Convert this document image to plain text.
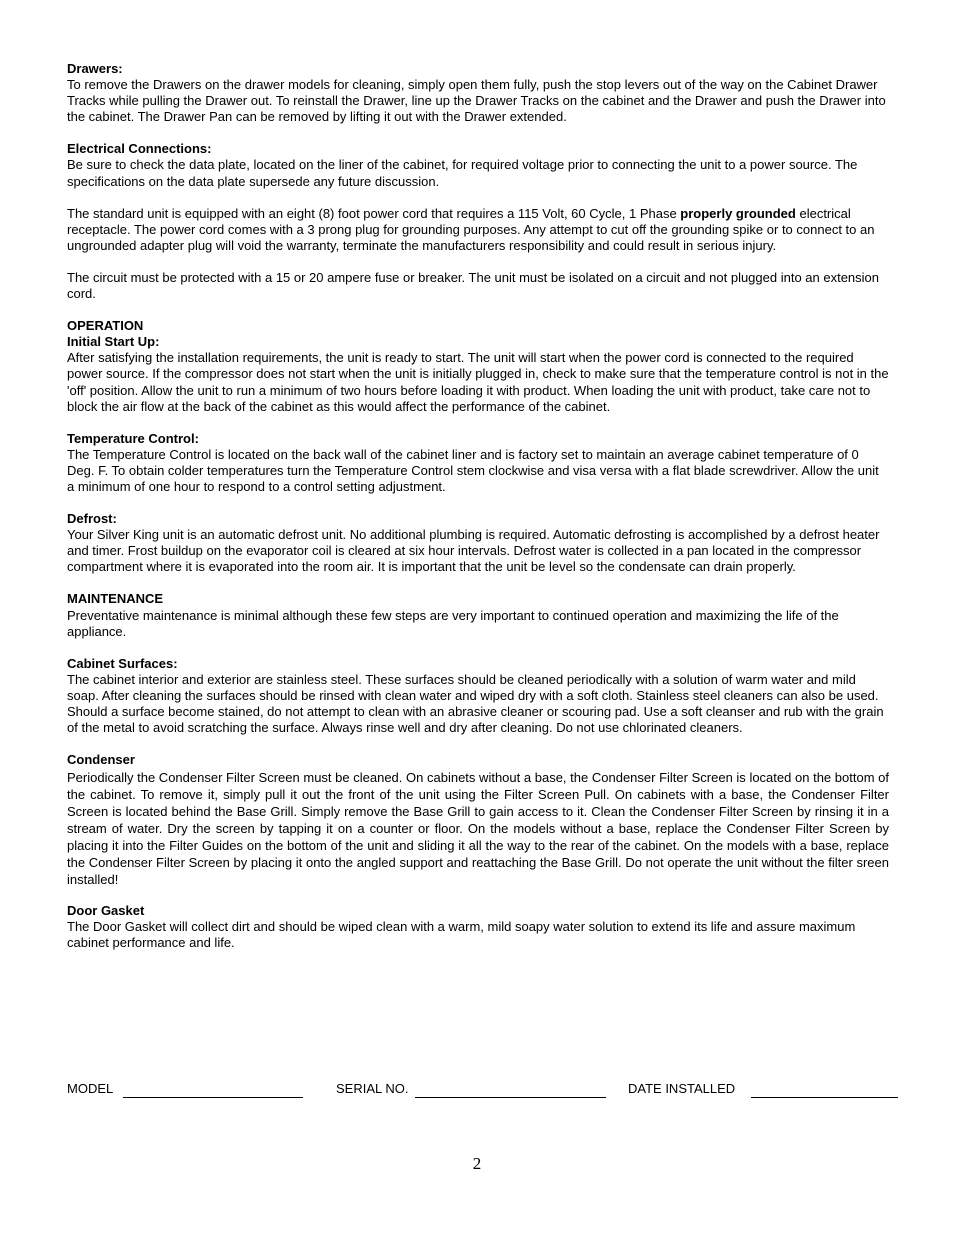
Drawers:
To remove the Drawers on the drawer models for cleaning, simply open them fully, push the stop levers out of the way on the Cabinet Drawer Tracks while pulling the Drawer out. To reinstall the Drawer, line up the Drawer Tracks on the cabinet and the Drawer and push the Drawer into the cabinet. The Drawer Pan can be removed by lifting it out with the Drawer extended.
Electrical Connections:
Be sure to check the data plate, located on the liner of the cabinet, for required voltage prior to connecting the unit to a power source. The specifications on the data plate supersede any future discussion.
The standard unit is equipped with an eight (8) foot power cord that requires a 115 Volt, 60 Cycle, 1 Phase properly grounded electrical receptacle. The power cord comes with a 3 prong plug for grounding purposes. Any attempt to cut off the grounding spike or to connect to an ungrounded adapter plug will void the warranty, terminate the manufacturers responsibility and could result in serious injury.
The circuit must be protected with a 15 or 20 ampere fuse or breaker. The unit must be isolated on a circuit and not plugged into an extension cord.
OPERATION
Initial Start Up:
After satisfying the installation requirements, the unit is ready to start. The unit will start when the power cord is connected to the required power source. If the compressor does not start when the unit is initially plugged in, check to make sure that the temperature control is not in the 'off' position. Allow the unit to run a minimum of two hours before loading it with product. When loading the unit with product, take care not to block the air flow at the back of the cabinet as this would affect the performance of the cabinet.
Temperature Control:
The Temperature Control is located on the back wall of the cabinet liner and is factory set to maintain an average cabinet temperature of 0 Deg. F. To obtain colder temperatures turn the Temperature Control stem clockwise and visa versa with a flat blade screwdriver. Allow the unit a minimum of one hour to respond to a control setting adjustment.
Defrost:
Your Silver King unit is an automatic defrost unit. No additional plumbing is required. Automatic defrosting is accomplished by a defrost heater and timer. Frost buildup on the evaporator coil is cleared at six hour intervals. Defrost water is collected in a pan located in the compressor compartment where it is evaporated into the room air. It is important that the unit be level so the condensate can drain properly.
MAINTENANCE
Preventative maintenance is minimal although these few steps are very important to continued operation and maximizing the life of the appliance.
Cabinet Surfaces:
The cabinet interior and exterior are stainless steel. These surfaces should be cleaned periodically with a solution of warm water and mild soap. After cleaning the surfaces should be rinsed with clean water and wiped dry with a soft cloth. Stainless steel cleaners can also be used. Should a surface become stained, do not attempt to clean with an abrasive cleaner or scouring pad. Use a soft cleanser and rub with the grain of the metal to avoid scratching the surface. Always rinse well and dry after cleaning. Do not use chlorinated cleaners.
Condenser
Periodically the Condenser Filter Screen must be cleaned. On cabinets without a base, the Condenser Filter Screen is located on the bottom of the cabinet. To remove it, simply pull it out the front of the unit using the Filter Screen Pull. On cabinets with a base, the Condenser Filter Screen is located behind the Base Grill. Simply remove the Base Grill to gain access to it. Clean the Condenser Filter Screen by rinsing it in a stream of water. Dry the screen by tapping it on a counter or floor. On the models without a base, replace the Condenser Filter Screen by placing it into the Filter Guides on the bottom of the unit and sliding it all the way to the rear of the cabinet. On the models with a base, replace the Condenser Filter Screen by placing it onto the angled support and reattaching the Base Grill. Do not operate the unit without the filter sreen installed!
Door Gasket
The Door Gasket will collect dirt and should be wiped clean with a warm, mild soapy water solution to extend its life and assure maximum cabinet performance and life.
MODEL	SERIAL NO.	DATE INSTALLED
2
